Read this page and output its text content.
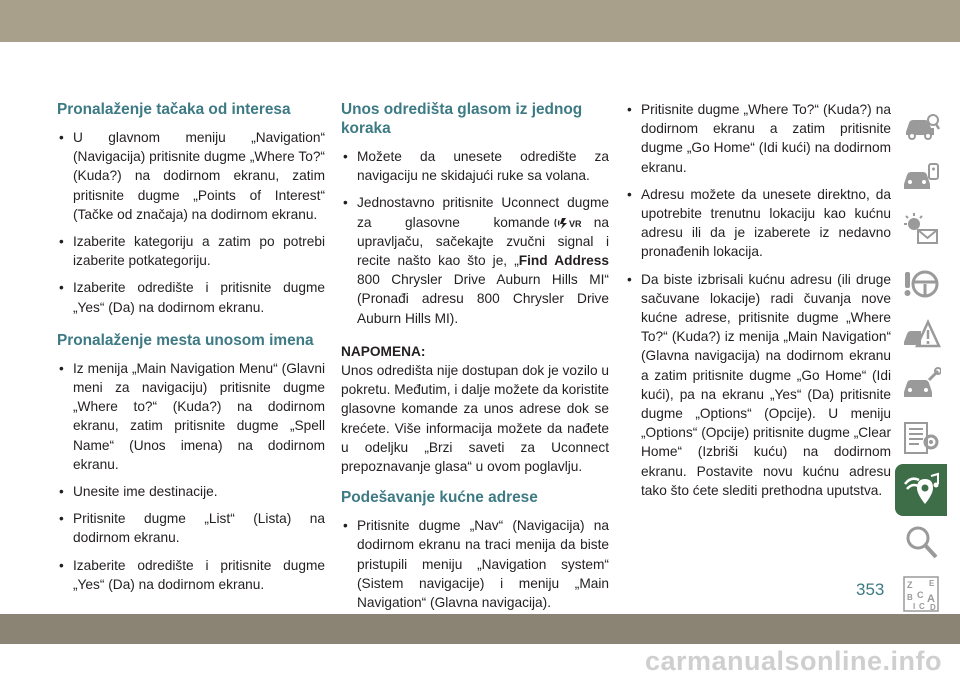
Pronalaženje tačaka od interesa
• U glavnom meniju „Navigation“ (Navigacija) pritisnite dugme „Where To?“ (Kuda?) na dodirnom ekranu, zatim pritisnite dugme „Points of Interest“ (Tačke od značaja) na dodirnom ekranu.
• Izaberite kategoriju a zatim po potrebi izaberite potkategoriju.
• Izaberite odredište i pritisnite dugme „Yes“ (Da) na dodirnom ekranu.
Pronalaženje mesta unosom imena
• Iz menija „Main Navigation Menu“ (Glavni meni za navigaciju) pritisnite dugme „Where to?“ (Kuda?) na dodirnom ekranu, zatim pritisnite dugme „Spell Name“ (Unos imena) na dodirnom ekranu.
• Unesite ime destinacije.
• Pritisnite dugme „List“ (Lista) na dodirnom ekranu.
• Izaberite odredište i pritisnite dugme „Yes“ (Da) na dodirnom ekranu.
Unos odredišta glasom iz jednog koraka
• Možete da unesete odredište za navigaciju ne skidajući ruke sa volana.
• Jednostavno pritisnite Uconnect dugme za glasovne komande VR na upravljaču, sačekajte zvučni signal i recite našto kao što je, „Find Address 800 Chrysler Drive Auburn Hills MI“ (Pronađi adresu 800 Chrysler Drive Auburn Hills MI).
NAPOMENA:
Unos odredišta nije dostupan dok je vozilo u pokretu. Međutim, i dalje možete da koristite glasovne komande za unos adrese dok se krećete. Više informacija možete da nađete u odeljku „Brzi saveti za Uconnect prepoznavanje glasa“ u ovom poglavlju.
Podešavanje kućne adrese
• Pritisnite dugme „Nav“ (Navigacija) na dodirnom ekranu na traci menija da biste pristupili meniju „Navigation system“ (Sistem navigacije) i meniju „Main Navigation“ (Glavna navigacija).
• Pritisnite dugme „Where To?“ (Kuda?) na dodirnom ekranu a zatim pritisnite dugme „Go Home“ (Idi kući) na dodirnom ekranu.
• Adresu možete da unesete direktno, da upotrebite trenutnu lokaciju kao kućnu adresu ili da je izaberete iz nedavno pronađenih lokacija.
• Da biste izbrisali kućnu adresu (ili druge sačuvane lokacije) radi čuvanja nove kućne adrese, pritisnite dugme „Where To?“ (Kuda?) iz menija „Main Navigation“ (Glavna navigacija) na dodirnom ekranu a zatim pritisnite dugme „Go Home“ (Idi kući), pa na ekranu „Yes“ (Da) pritisnite dugme „Options“ (Opcije). U meniju „Options“ (Opcije) pritisnite dugme „Clear Home“ (Izbriši kuću) na dodirnom ekranu. Postavite novu kućnu adresu tako što ćete slediti prethodna uputstva.
Z E
B C A
I C D
353
carmanualsonline.info
